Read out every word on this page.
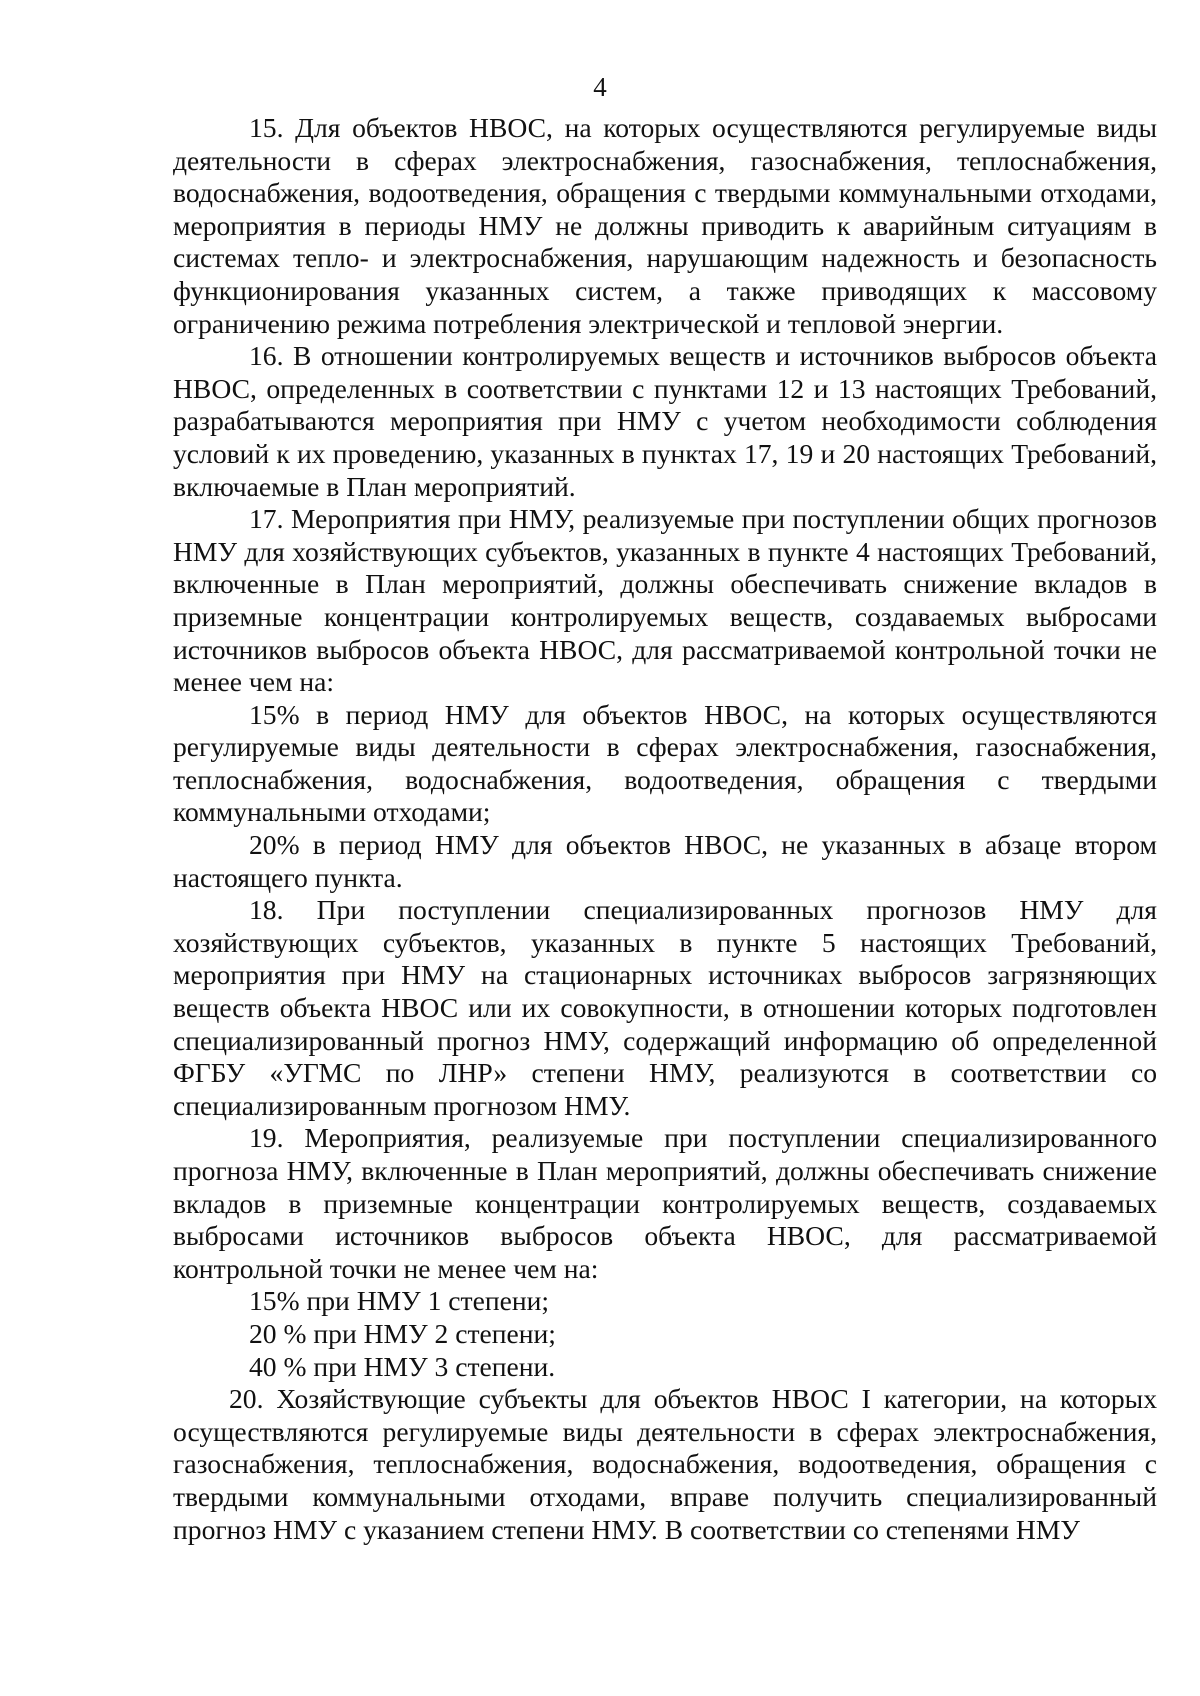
4

15. Для объектов НВОС, на которых осуществляются регулируемые виды деятельности в сферах электроснабжения, газоснабжения, теплоснабжения, водоснабжения, водоотведения, обращения с твердыми коммунальными отходами, мероприятия в периоды НМУ не должны приводить к аварийным ситуациям в системах тепло- и электроснабжения, нарушающим надежность и безопасность функционирования указанных систем, а также приводящих к массовому ограничению режима потребления электрической и тепловой энергии.

16. В отношении контролируемых веществ и источников выбросов объекта НВОС, определенных в соответствии с пунктами 12 и 13 настоящих Требований, разрабатываются мероприятия при НМУ с учетом необходимости соблюдения условий к их проведению, указанных в пунктах 17, 19 и 20 настоящих Требований, включаемые в План мероприятий.

17. Мероприятия при НМУ, реализуемые при поступлении общих прогнозов НМУ для хозяйствующих субъектов, указанных в пункте 4 настоящих Требований, включенные в План мероприятий, должны обеспечивать снижение вкладов в приземные концентрации контролируемых веществ, создаваемых выбросами источников выбросов объекта НВОС, для рассматриваемой контрольной точки не менее чем на:

15% в период НМУ для объектов НВОС, на которых осуществляются регулируемые виды деятельности в сферах электроснабжения, газоснабжения, теплоснабжения, водоснабжения, водоотведения, обращения с твердыми коммунальными отходами;

20% в период НМУ для объектов НВОС, не указанных в абзаце втором настоящего пункта.

18. При поступлении специализированных прогнозов НМУ для хозяйствующих субъектов, указанных в пункте 5 настоящих Требований, мероприятия при НМУ на стационарных источниках выбросов загрязняющих веществ объекта НВОС или их совокупности, в отношении которых подготовлен специализированный прогноз НМУ, содержащий информацию об определенной ФГБУ «УГМС по ЛНР» степени НМУ, реализуются в соответствии со специализированным прогнозом НМУ.

19. Мероприятия, реализуемые при поступлении специализированного прогноза НМУ, включенные в План мероприятий, должны обеспечивать снижение вкладов в приземные концентрации контролируемых веществ, создаваемых выбросами источников выбросов объекта НВОС, для рассматриваемой контрольной точки не менее чем на:

15% при НМУ 1 степени;

20 % при НМУ 2 степени;

40 % при НМУ 3 степени.

20. Хозяйствующие субъекты для объектов НВОС I категории, на которых осуществляются регулируемые виды деятельности в сферах электроснабжения, газоснабжения, теплоснабжения, водоснабжения, водоотведения, обращения с твердыми коммунальными отходами, вправе получить специализированный прогноз НМУ с указанием степени НМУ. В соответствии со степенями НМУ
